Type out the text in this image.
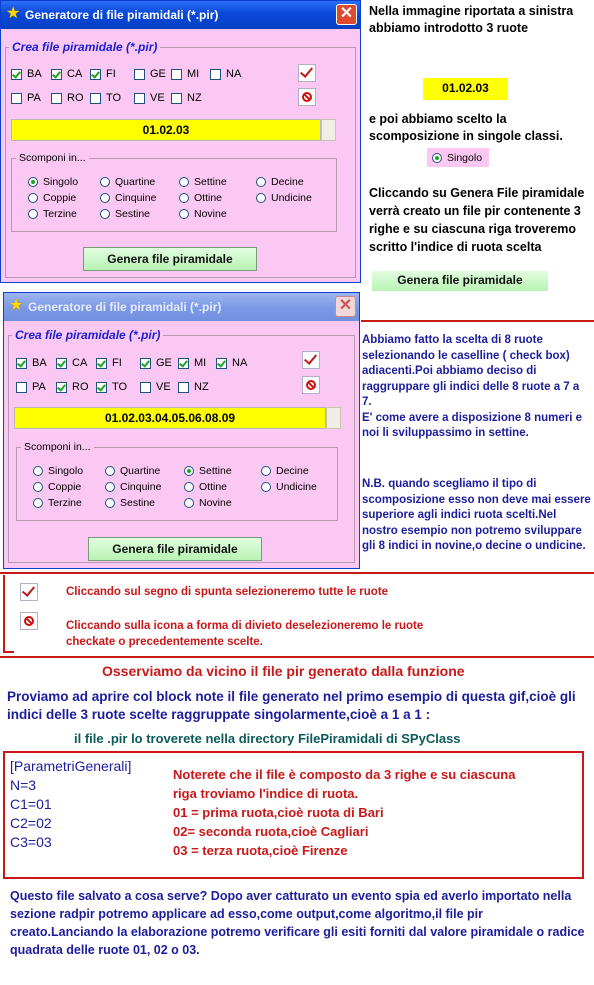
★ Generatore di file piramidali (*.pir)	✕
Crea file piramidale (*.pir)
BA CA FI	GE MI NA
PA RO TO	VE NZ
01.02.03
Scomponi in...
Singolo	Quartine	Settine	Decine
Coppie	Cinquine	Ottine	Undicine
Terzine	Sestine	Novine
Genera file piramidale
Nella immagine riportata a sinistra abbiamo introdotto 3 ruote
01.02.03
e poi abbiamo scelto la scomposizione in singole classi.
Singolo
Cliccando su Genera File piramidale verrà creato un file pir contenente 3 righe e su ciascuna riga troveremo scritto l'indice di ruota scelta
Genera file piramidale
★ Generatore di file piramidali (*.pir)	✕
Crea file piramidale (*.pir)
BA CA FI	GE MI NA
PA RO TO	VE NZ
01.02.03.04.05.06.08.09
Scomponi in...
Singolo	Quartine	Settine	Decine
Coppie	Cinquine	Ottine	Undicine
Terzine	Sestine	Novine
Genera file piramidale
Abbiamo fatto la scelta di 8 ruote selezionando le caselline ( check box) adiacenti.Poi abbiamo deciso di raggruppare gli indici delle 8 ruote a 7 a 7.
E' come avere a disposizione 8 numeri e noi li sviluppassimo in settine.
N.B. quando scegliamo il tipo di scomposizione esso non deve mai essere superiore agli indici ruota scelti.Nel nostro esempio non potremo sviluppare gli 8 indici in novine,o decine o undicine.
Cliccando sul segno di spunta selezioneremo tutte le ruote
Cliccando sulla icona a forma di divieto deselezioneremo le ruote checkate o precedentemente scelte.
Osserviamo da vicino il file pir generato dalla funzione
Proviamo ad aprire col block note il file generato nel primo esempio di questa gif,cioè gli indici delle 3 ruote scelte raggruppate singolarmente,cioè a 1 a 1 :
il file .pir lo troverete nella directory FilePiramidali di SPyClass
[ParametriGenerali]
N=3
C1=01
C2=02
C3=03
Noterete che il file è composto da 3 righe e su ciascuna riga troviamo l'indice di ruota.
01 = prima ruota,cioè ruota di Bari
02= seconda ruota,cioè Cagliari
03 = terza ruota,cioè Firenze
Questo file salvato a cosa serve? Dopo aver catturato un evento spia ed averlo importato nella sezione radpir potremo applicare ad esso,come output,come algoritmo,il file pir creato.Lanciando la elaborazione potremo verificare gli esiti forniti dal valore piramidale o radice quadrata delle ruote 01, 02 o 03.
